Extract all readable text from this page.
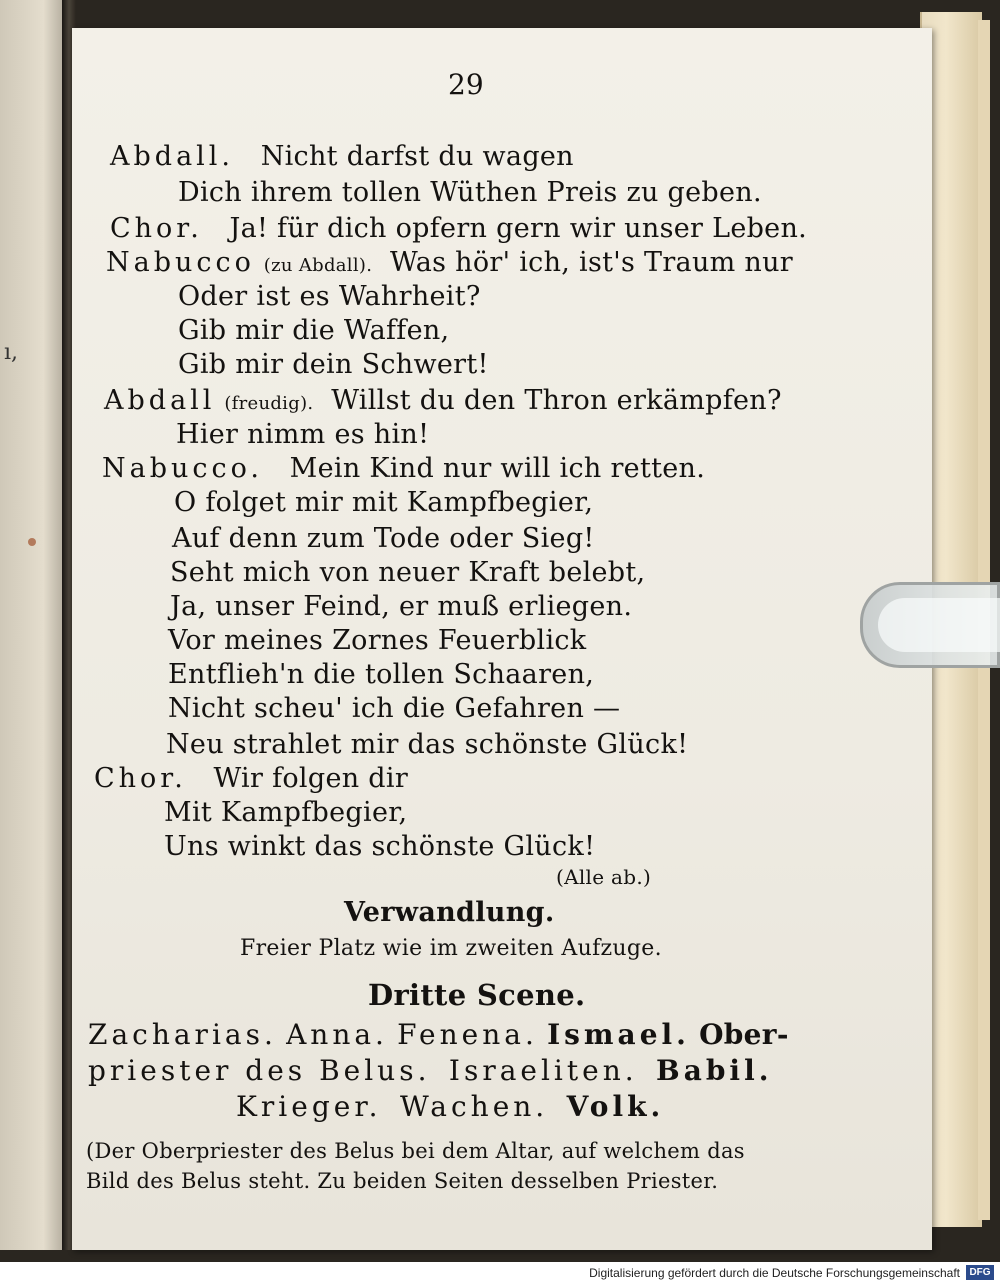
ı,
29
Abdall. Nicht darfst du wagen
Dich ihrem tollen Wüthen Preis zu geben.
Chor. Ja! für dich opfern gern wir unser Leben.
Nabucco (zu Abdall). Was hör' ich, ist's Traum nur
Oder ist es Wahrheit?
Gib mir die Waffen,
Gib mir dein Schwert!
Abdall (freudig). Willst du den Thron erkämpfen?
Hier nimm es hin!
Nabucco. Mein Kind nur will ich retten.
O folget mir mit Kampfbegier,
Auf denn zum Tode oder Sieg!
Seht mich von neuer Kraft belebt,
Ja, unser Feind, er muß erliegen.
Vor meines Zornes Feuerblick
Entflieh'n die tollen Schaaren,
Nicht scheu' ich die Gefahren —
Neu strahlet mir das schönste Glück!
Chor. Wir folgen dir
Mit Kampfbegier,
Uns winkt das schönste Glück!
(Alle ab.)
Verwandlung.
Freier Platz wie im zweiten Aufzuge.
Dritte Scene.
Zacharias. Anna. Fenena. Ismael. Ober-
priester des Belus. Israeliten. Babil.
Krieger. Wachen. Volk.
(Der Oberpriester des Belus bei dem Altar, auf welchem das
Bild des Belus steht. Zu beiden Seiten desselben Priester.
Digitalisierung gefördert durch die Deutsche Forschungsgemeinschaft DFG
